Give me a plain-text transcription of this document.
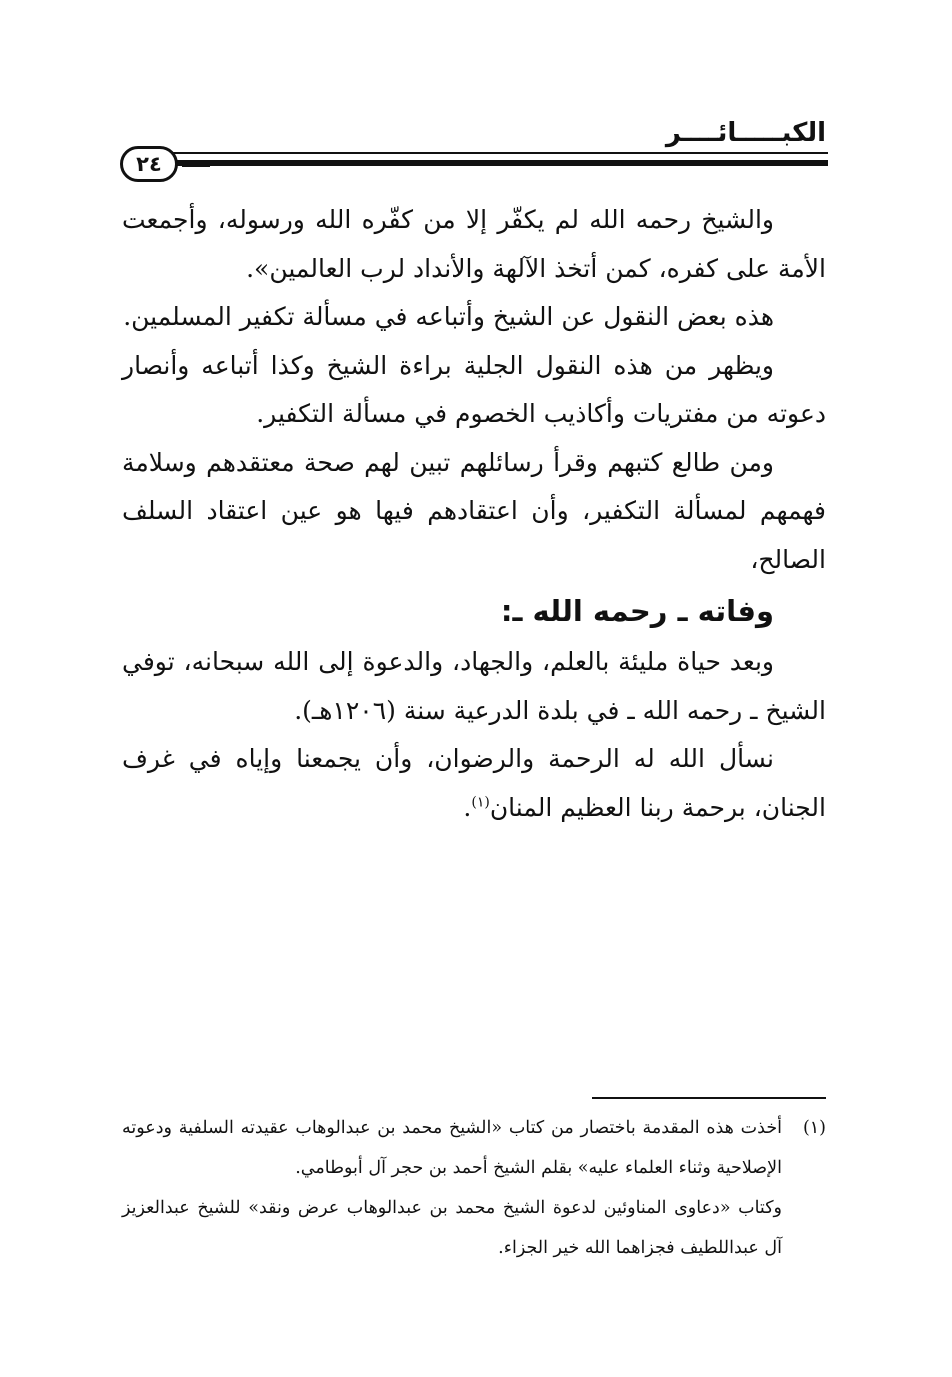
الكبـــــائــــر
٢٤

والشيخ رحمه الله لم يكفّر إلا من كفّره الله ورسوله، وأجمعت الأمة على كفره، كمن أتخذ الآلهة والأنداد لرب العالمين».

هذه بعض النقول عن الشيخ وأتباعه في مسألة تكفير المسلمين.

ويظهر من هذه النقول الجلية براءة الشيخ وكذا أتباعه وأنصار دعوته من مفتريات وأكاذيب الخصوم في مسألة التكفير.

ومن طالع كتبهم وقرأ رسائلهم تبين لهم صحة معتقدهم وسلامة فهمهم لمسألة التكفير، وأن اعتقادهم فيها هو عين اعتقاد السلف الصالح،

وفاته ـ رحمه الله ـ:

وبعد حياة مليئة بالعلم، والجهاد، والدعوة إلى الله سبحانه، توفي الشيخ ـ رحمه الله ـ في بلدة الدرعية سنة (١٢٠٦هـ).

نسأل الله له الرحمة والرضوان، وأن يجمعنا وإياه في غرف الجنان، برحمة ربنا العظيم المنان$^{(١)}$.

(١)أخذت هذه المقدمة باختصار من كتاب «الشيخ محمد بن عبدالوهاب عقيدته السلفية ودعوته الإصلاحية وثناء العلماء عليه» بقلم الشيخ أحمد بن حجر آل أبوطامي.

وكتاب «دعاوى المناوئين لدعوة الشيخ محمد بن عبدالوهاب عرض ونقد» للشيخ عبدالعزيز آل عبداللطيف فجزاهما الله خير الجزاء.
